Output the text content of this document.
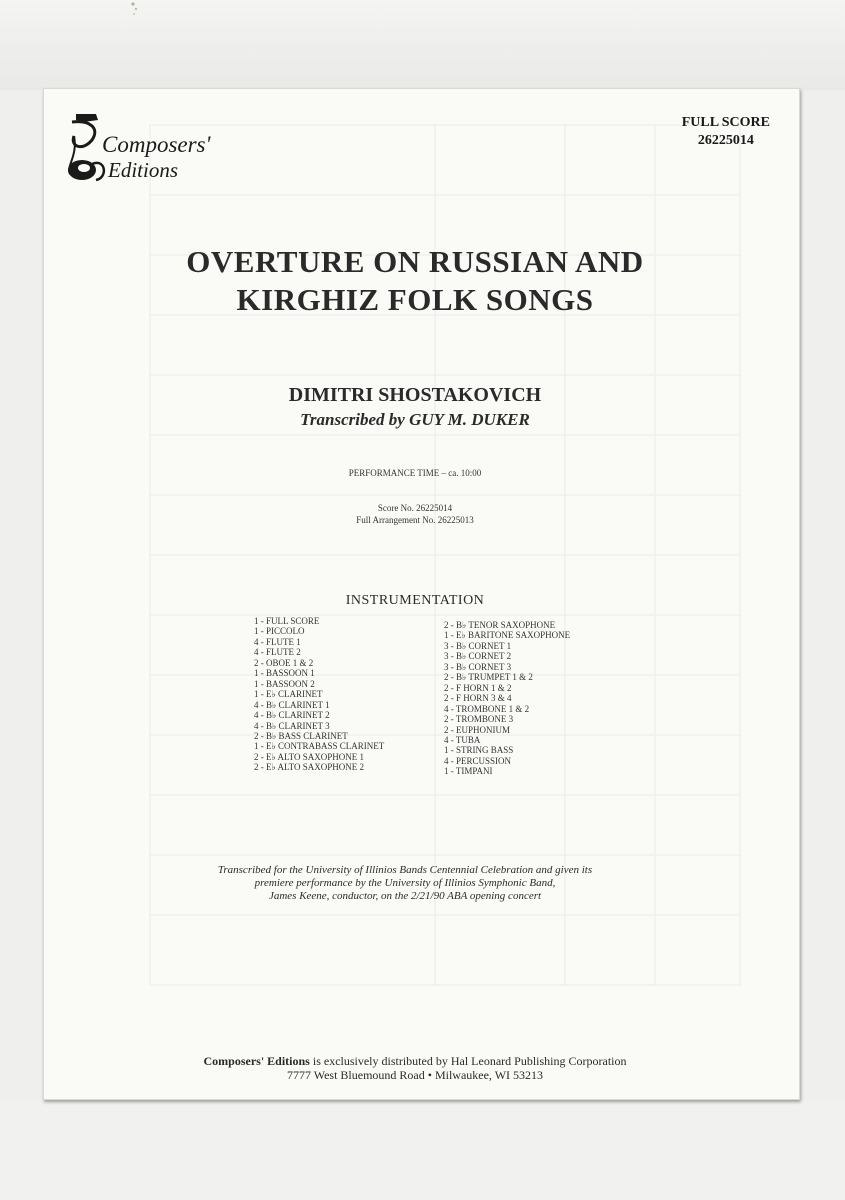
Composers'
Editions
FULL SCORE
26225014
OVERTURE ON RUSSIAN AND
KIRGHIZ FOLK SONGS
DIMITRI SHOSTAKOVICH
Transcribed by GUY M. DUKER
PERFORMANCE TIME – ca. 10:00
Score No. 26225014
Full Arrangement No. 26225013
INSTRUMENTATION
1 - FULL SCORE
1 - PICCOLO
4 - FLUTE 1
4 - FLUTE 2
2 - OBOE 1 & 2
1 - BASSOON 1
1 - BASSOON 2
1 - E♭ CLARINET
4 - B♭ CLARINET 1
4 - B♭ CLARINET 2
4 - B♭ CLARINET 3
2 - B♭ BASS CLARINET
1 - E♭ CONTRABASS CLARINET
2 - E♭ ALTO SAXOPHONE 1
2 - E♭ ALTO SAXOPHONE 2
2 - B♭ TENOR SAXOPHONE
1 - E♭ BARITONE SAXOPHONE
3 - B♭ CORNET 1
3 - B♭ CORNET 2
3 - B♭ CORNET 3
2 - B♭ TRUMPET 1 & 2
2 - F HORN 1 & 2
2 - F HORN 3 & 4
4 - TROMBONE 1 & 2
2 - TROMBONE 3
2 - EUPHONIUM
4 - TUBA
1 - STRING BASS
4 - PERCUSSION
1 - TIMPANI
Transcribed for the University of Illinios Bands Centennial Celebration and given its
premiere performance by the University of Illinios Symphonic Band,
James Keene, conductor, on the 2/21/90 ABA opening concert
Composers' Editions is exclusively distributed by Hal Leonard Publishing Corporation
7777 West Bluemound Road • Milwaukee, WI 53213
